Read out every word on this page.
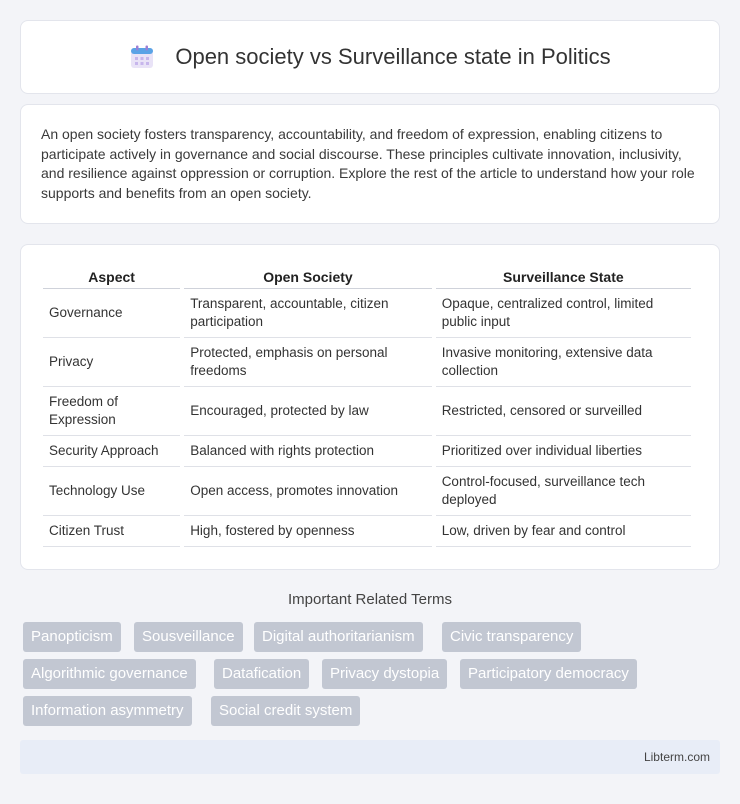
Open society vs Surveillance state in Politics

An open society fosters transparency, accountability, and freedom of expression, enabling citizens to participate actively in governance and social discourse. These principles cultivate innovation, inclusivity, and resilience against oppression or corruption. Explore the rest of the article to understand how your role supports and benefits from an open society.

Aspect	Open Society	Surveillance State
Governance	Transparent, accountable, citizen participation	Opaque, centralized control, limited public input
Privacy	Protected, emphasis on personal freedoms	Invasive monitoring, extensive data collection
Freedom of Expression	Encouraged, protected by law	Restricted, censored or surveilled
Security Approach	Balanced with rights protection	Prioritized over individual liberties
Technology Use	Open access, promotes innovation	Control-focused, surveillance tech deployed
Citizen Trust	High, fostered by openness	Low, driven by fear and control
Important Related Terms
Panopticism	Sousveillance	Digital authoritarianism	Civic transparency
Algorithmic governance	Datafication	Privacy dystopia	Participatory democracy
Information asymmetry	Social credit system
Libterm.com
